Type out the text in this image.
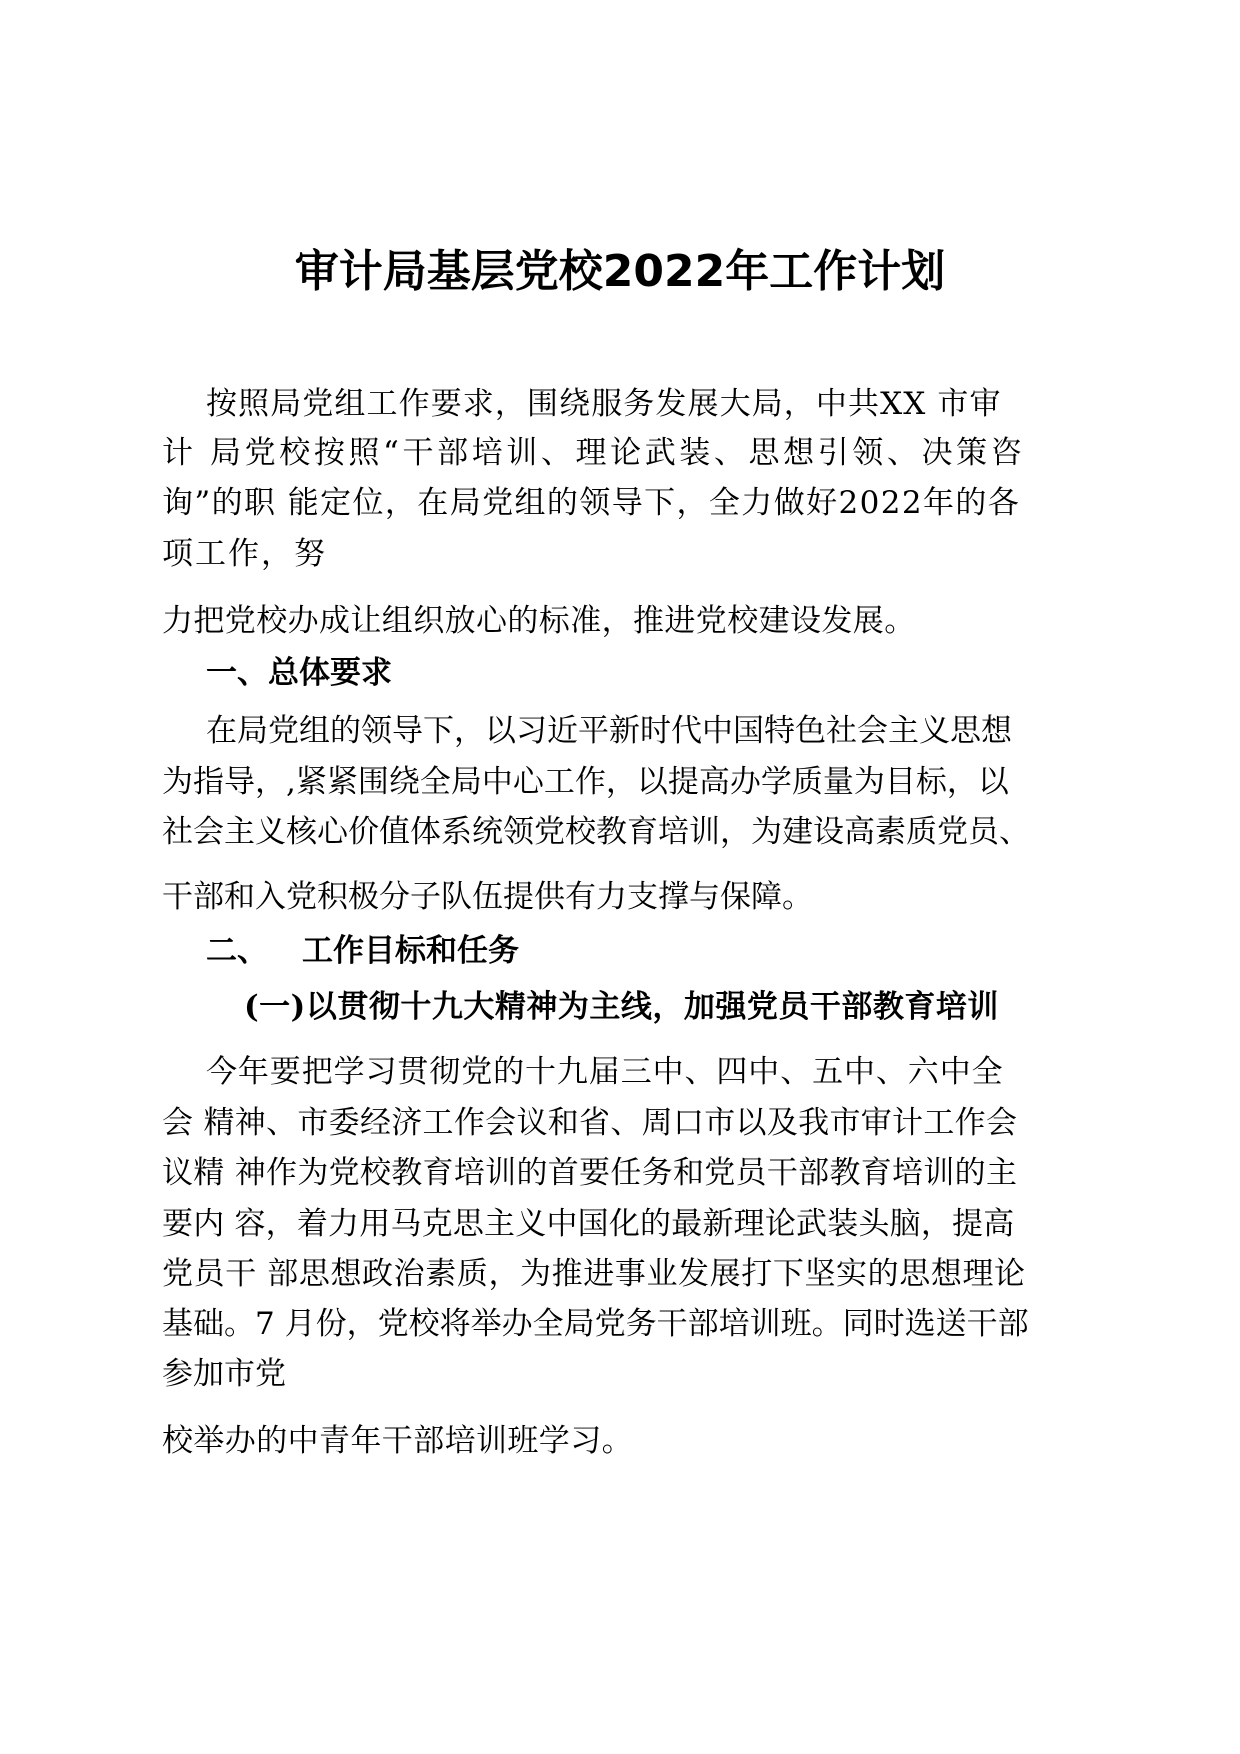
审计局基层党校2022年工作计划
按照局党组工作要求，围绕服务发展大局，中共XX 市审
计 局党校按照“干部培训、理论武装、思想引领、决策咨
询”的职 能定位，在局党组的领导下，全力做好2022年的各
项工作，努
力把党校办成让组织放心的标准，推进党校建设发展。
一、总体要求
在局党组的领导下，以习近平新时代中国特色社会主义思想
为指导，,紧紧围绕全局中心工作，以提高办学质量为目标，以
社会主义核心价值体系统领党校教育培训，为建设高素质党员、
干部和入党积极分子队伍提供有力支撑与保障。
二、 工作目标和任务
(一)以贯彻十九大精神为主线，加强党员干部教育培训
今年要把学习贯彻党的十九届三中、四中、五中、六中全
会 精神、市委经济工作会议和省、周口市以及我市审计工作会
议精 神作为党校教育培训的首要任务和党员干部教育培训的主
要内 容，着力用马克思主义中国化的最新理论武装头脑，提高
党员干 部思想政治素质，为推进事业发展打下坚实的思想理论
基础。7 月份，党校将举办全局党务干部培训班。同时选送干部
参加市党
校举办的中青年干部培训班学习。
